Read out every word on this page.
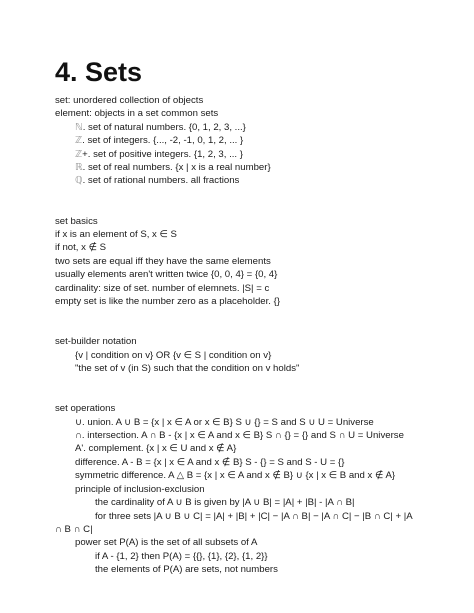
4. Sets
set: unordered collection of objects
element: objects in a set common sets
ℕ. set of natural numbers. {0, 1, 2, 3, ...}
ℤ. set of integers. {..., -2, -1, 0, 1, 2, ... }
ℤ+. set of positive integers. {1, 2, 3, ... }
ℝ. set of real numbers. {x | x is a real number}
ℚ. set of rational numbers. all fractions
set basics
if x is an element of S, x ∈ S
if not, x ∉ S
two sets are equal iff they have the same elements
usually elements aren't written twice {0, 0, 4} = {0, 4}
cardinality: size of set. number of elemnets. |S| = c
empty set is like the number zero as a placeholder. {}
set-builder notation
{v | condition on v} OR {v ∈ S | condition on v}
"the set of v (in S) such that the condition on v holds"
set operations
∪. union. A ∪ B = {x | x ∈ A or x ∈ B} S ∪ {} = S and S ∪ U = Universe
∩. intersection. A ∩ B - {x | x ∈ A and x ∈ B} S ∩ {} = {} and S ∩ U = Universe
A'. complement. {x | x ∈ U and x ∉ A}
difference. A - B = {x | x ∈ A and x ∉ B} S - {} = S and S - U = {}
symmetric difference. A △ B = {x | x ∈ A and x ∉ B} ∪ {x | x ∈ B and x ∉ A}
principle of inclusion-exclusion
the cardinality of A ∪ B is given by |A ∪ B| = |A| + |B| - |A ∩ B|
for three sets |A ∪ B ∪ C| = |A| + |B| + |C| − |A ∩ B| − |A ∩ C| − |B ∩ C| + |A
∩ B ∩ C|
power set P(A) is the set of all subsets of A
if A - {1, 2} then P(A) = {{}, {1}, {2}, {1, 2}}
the elements of P(A) are sets, not numbers
